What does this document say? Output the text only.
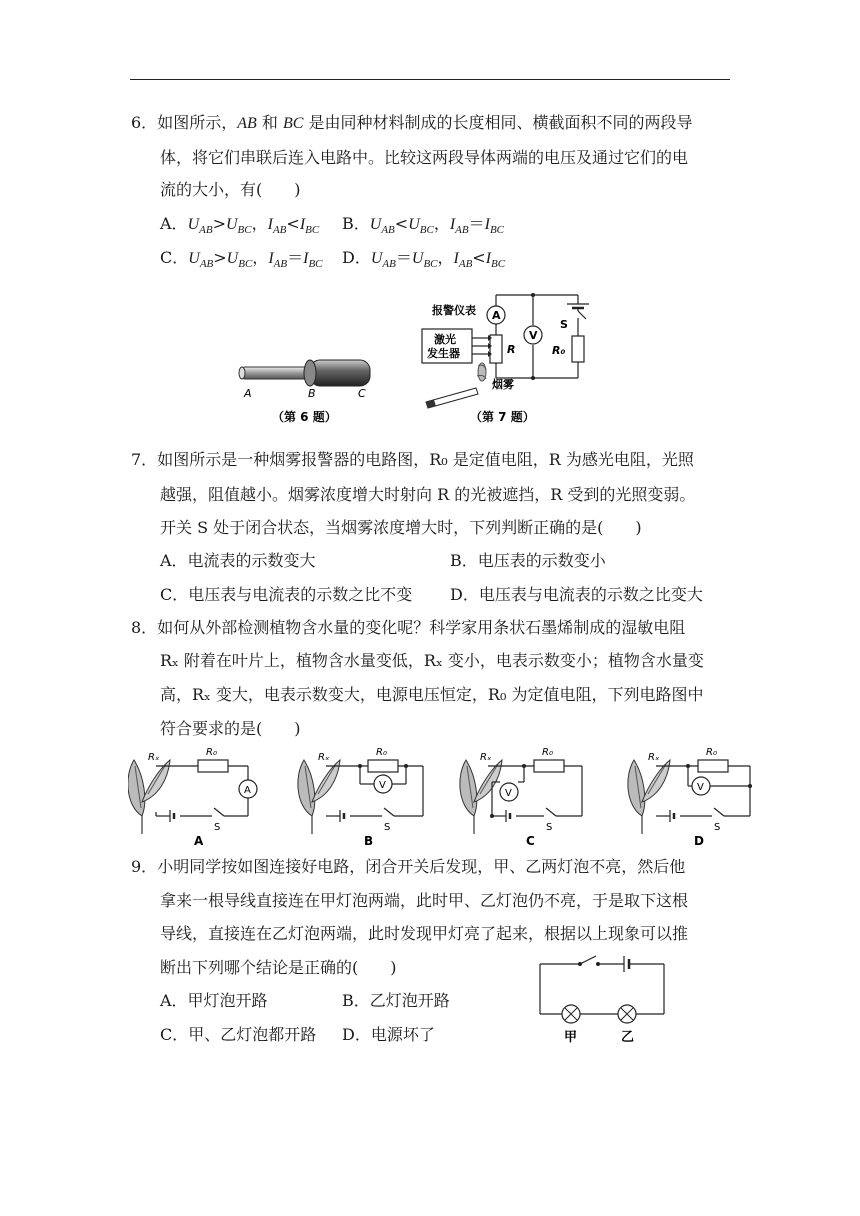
6．如图所示，AB 和 BC 是由同种材料制成的长度相同、横截面积不同的两段导
体，将它们串联后连入电路中。比较这两段导体两端的电压及通过它们的电
流的大小，有(　　)
A．$U_{AB}>U_{BC}$，$I_{AB}<I_{BC}$ B．$U_{AB}<U_{BC}$，$I_{AB}=I_{BC}$
C．$U_{AB}>U_{BC}$，$I_{AB}=I_{BC}$ D．$U_{AB}=U_{BC}$，$I_{AB}<I_{BC}$
A	B	C
（第 6 题）
A
V
报警仪表
激光
发生器	R	R₀
S
烟雾
（第 7 题）
7．如图所示是一种烟雾报警器的电路图，R₀ 是定值电阻，R 为感光电阻，光照
越强，阻值越小。烟雾浓度增大时射向 R 的光被遮挡，R 受到的光照变弱。
开关 S 处于闭合状态，当烟雾浓度增大时，下列判断正确的是(　　)
A．电流表的示数变大	B．电压表的示数变小
C．电压表与电流表的示数之比不变 D．电压表与电流表的示数之比变大
8．如何从外部检测植物含水量的变化呢？科学家用条状石墨烯制成的湿敏电阻
Rₓ 附着在叶片上，植物含水量变低，Rₓ 变小，电表示数变小；植物含水量变
高，Rₓ 变大，电表示数变大，电源电压恒定，R₀ 为定值电阻，下列电路图中
符合要求的是(　　)
A
Rₓ	R₀
S
A
V
Rₓ	R₀
S
B
V
Rₓ	R₀
S
C
V
Rₓ	R₀
S
D
9．小明同学按如图连接好电路，闭合开关后发现，甲、乙两灯泡不亮，然后他
拿来一根导线直接连在甲灯泡两端，此时甲、乙灯泡仍不亮，于是取下这根
导线，直接连在乙灯泡两端，此时发现甲灯亮了起来，根据以上现象可以推
断出下列哪个结论是正确的(　　)
A．甲灯泡开路	B．乙灯泡开路
C．甲、乙灯泡都开路 D．电源坏了	甲	乙
